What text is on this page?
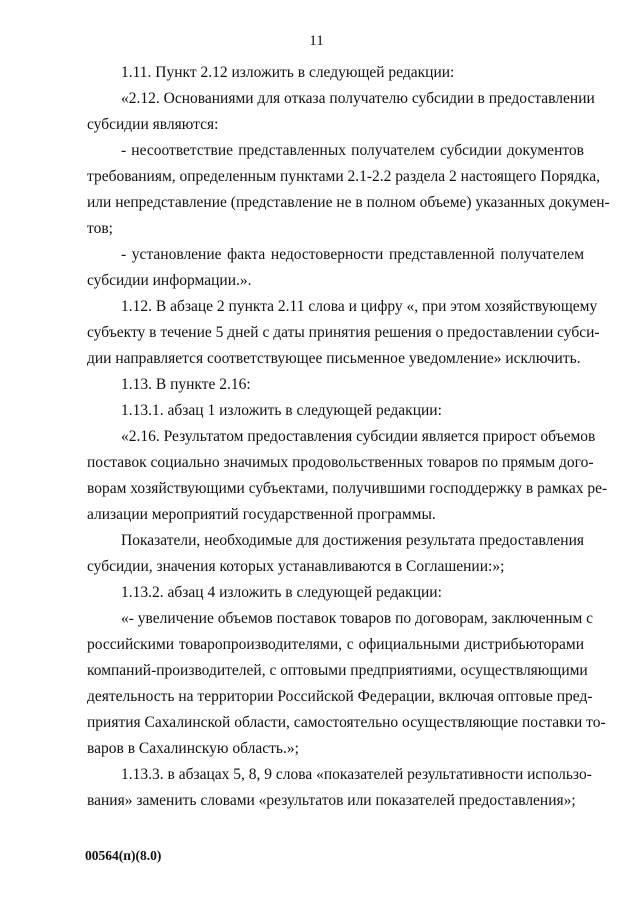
11
1.11. Пункт 2.12 изложить в следующей редакции:
«2.12. Основаниями для отказа получателю субсидии в предоставлении
субсидии являются:
- несоответствие представленных получателем субсидии документов
требованиям, определенным пунктами 2.1-2.2 раздела 2 настоящего Порядка,
или непредставление (представление не в полном объеме) указанных докумен-
тов;
- установление факта недостоверности представленной получателем
субсидии информации.».
1.12. В абзаце 2 пункта 2.11 слова и цифру «, при этом хозяйствующему
субъекту в течение 5 дней с даты принятия решения о предоставлении субси-
дии направляется соответствующее письменное уведомление» исключить.
1.13. В пункте 2.16:
1.13.1. абзац 1 изложить в следующей редакции:
«2.16. Результатом предоставления субсидии является прирост объемов
поставок социально значимых продовольственных товаров по прямым дого-
ворам хозяйствующими субъектами, получившими господдержку в рамках ре-
ализации мероприятий государственной программы.
Показатели, необходимые для достижения результата предоставления
субсидии, значения которых устанавливаются в Соглашении:»;
1.13.2. абзац 4 изложить в следующей редакции:
«- увеличение объемов поставок товаров по договорам, заключенным с
российскими товаропроизводителями, с официальными дистрибьюторами
компаний-производителей, с оптовыми предприятиями, осуществляющими
деятельность на территории Российской Федерации, включая оптовые пред-
приятия Сахалинской области, самостоятельно осуществляющие поставки то-
варов в Сахалинскую область.»;
1.13.3. в абзацах 5, 8, 9 слова «показателей результативности использо-
вания» заменить словами «результатов или показателей предоставления»;
00564(п)(8.0)
